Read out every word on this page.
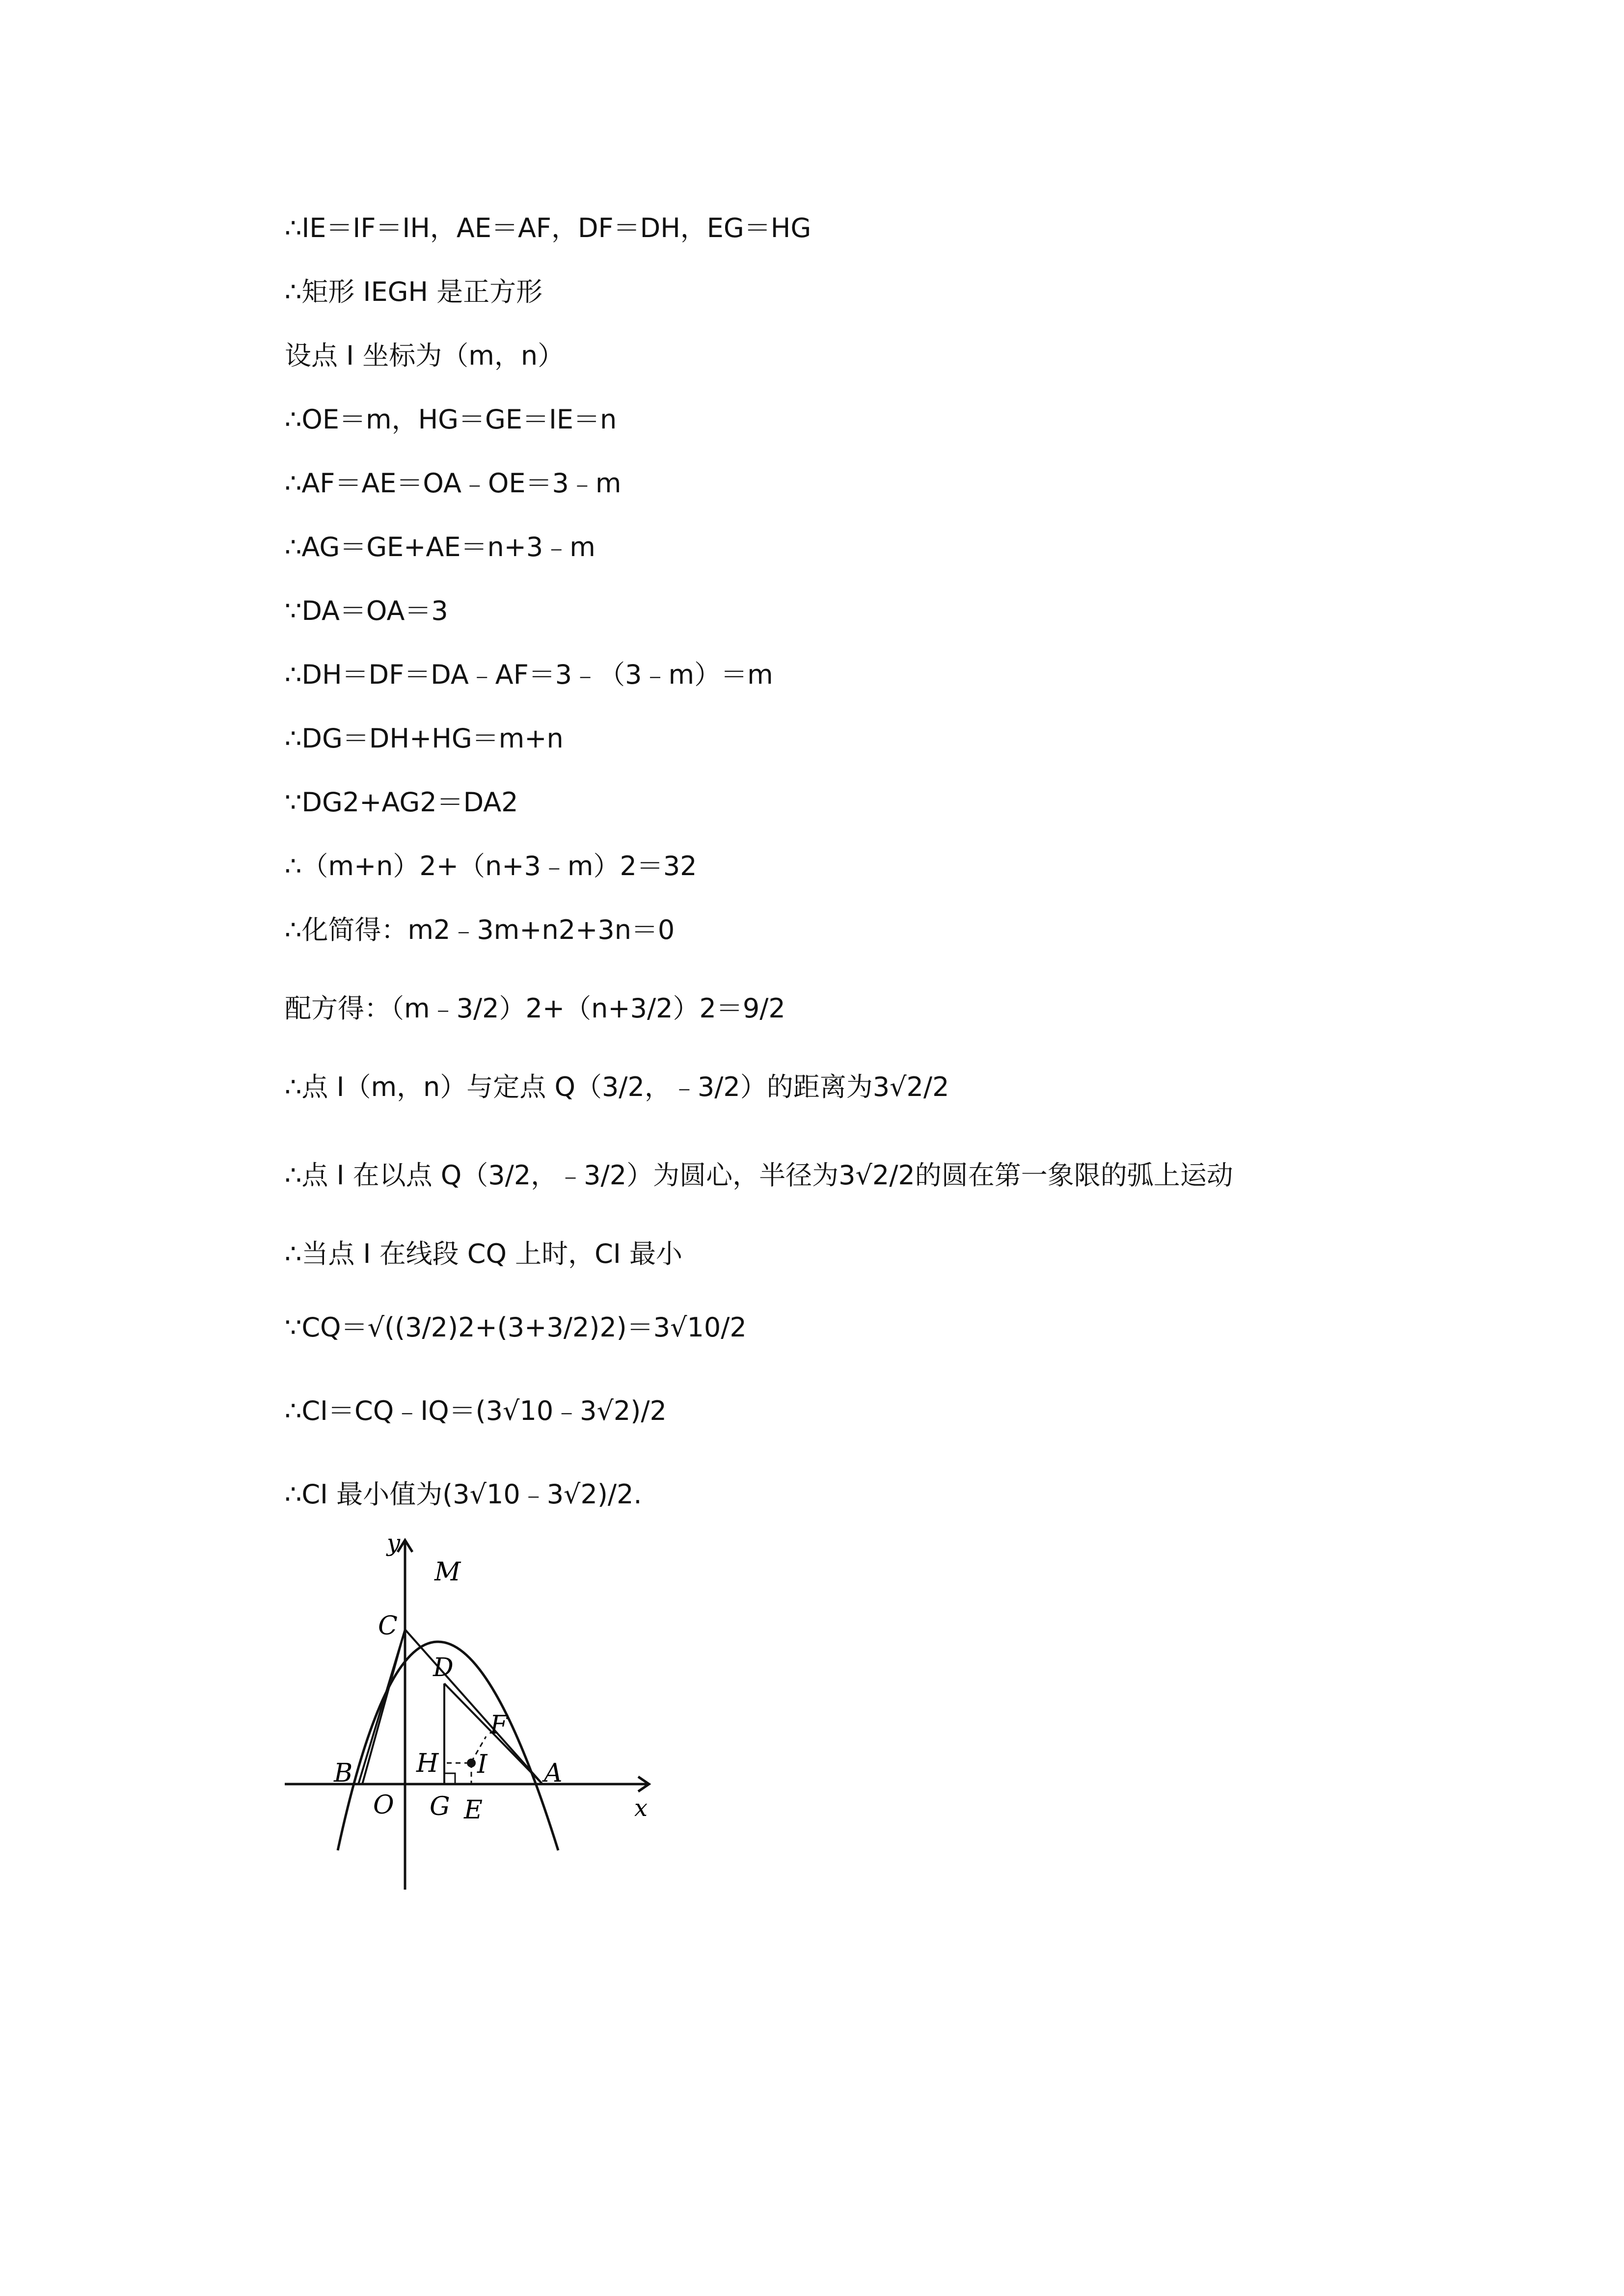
∴IE＝IF＝IH，AE＝AF，DF＝DH，EG＝HG
∴矩形 IEGH 是正方形
设点 I 坐标为（m，n）
∴OE＝m，HG＝GE＝IE＝n
∴AF＝AE＝OA﹣OE＝3﹣m
∴AG＝GE+AE＝n+3﹣m
∵DA＝OA＝3
∴DH＝DF＝DA﹣AF＝3﹣（3﹣m）＝m
∴DG＝DH+HG＝m+n
∵DG2+AG2＝DA2
∴（m+n）2+（n+3﹣m）2＝32
∴化简得：m2﹣3m+n2+3n＝0
配方得：（m﹣3/2）2+（n+3/2）2＝9/2
∴点 I（m，n）与定点 Q（3/2，﹣3/2）的距离为3√2/2
∴点 I 在以点 Q（3/2，﹣3/2）为圆心，半径为3√2/2的圆在第一象限的弧上运动
∴当点 I 在线段 CQ 上时，CI 最小
∵CQ＝√((3/2)2+(3+3/2)2)＝3√10/2
∴CI＝CQ﹣IQ＝(3√10﹣3√2)/2
∴CI 最小值为(3√10﹣3√2)/2.
y
x
M
C
D
F
H I
B
O G E
A
